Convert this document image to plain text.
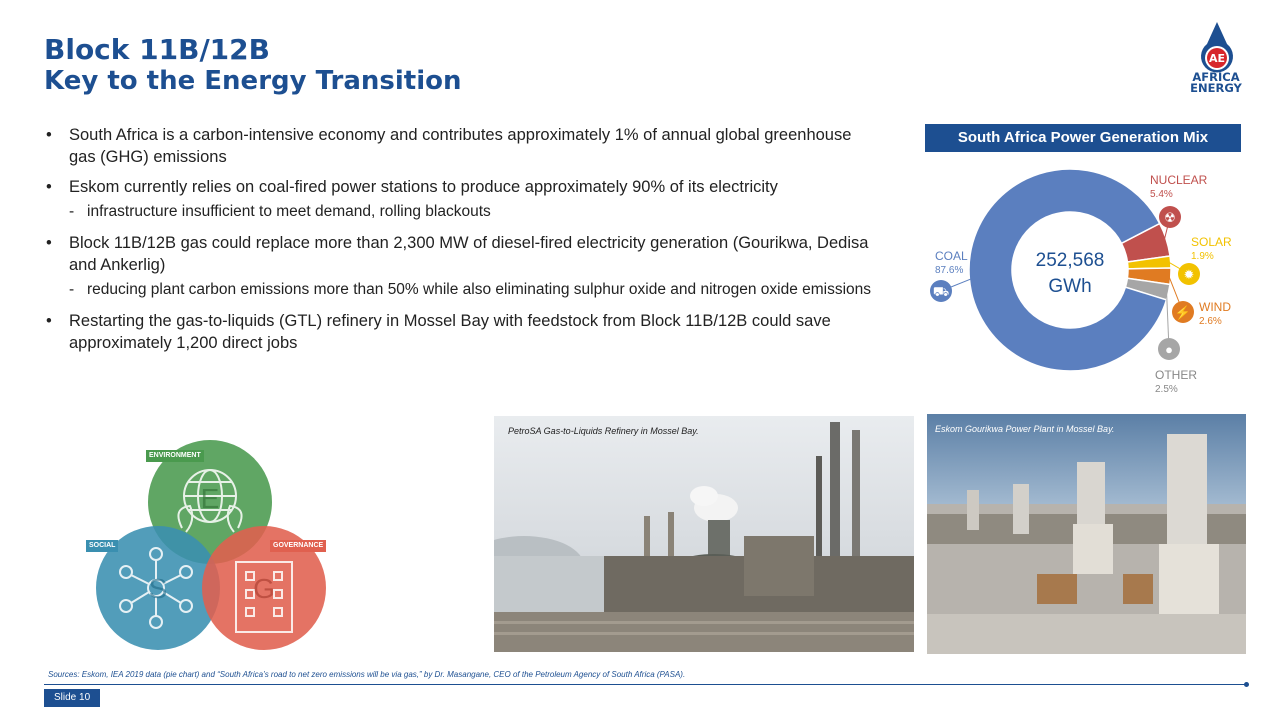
Block 11B/12B
Key to the Energy Transition
AE
AFRICA
ENERGY
• South Africa is a carbon-intensive economy and contributes approximately 1% of annual global greenhouse gas (GHG) emissions
• Eskom currently relies on coal-fired power stations to produce approximately 90% of its electricity
- infrastructure insufficient to meet demand, rolling blackouts
• Block 11B/12B gas could replace more than 2,300 MW of diesel-fired electricity generation (Gourikwa, Dedisa and Ankerlig)
- reducing plant carbon emissions more than 50% while also eliminating sulphur oxide and nitrogen oxide emissions
• Restarting the gas-to-liquids (GTL) refinery in Mossel Bay with feedstock from Block 11B/12B could save approximately 1,200 direct jobs
South Africa Power Generation Mix
252,568
GWh
⛟
COAL
87.6%
☢
NUCLEAR
5.4%
✹
SOLAR
1.9%
⚡ WIND
2.6%
●
OTHER
2.5%
E
S	G
ENVIRONMENT
SOCIAL	GOVERNANCE
PetroSA Gas-to-Liquids Refinery in Mossel Bay.	Eskom Gourikwa Power Plant in Mossel Bay.
Sources: Eskom, IEA 2019 data (pie chart) and “South Africa’s road to net zero emissions will be via gas,” by Dr. Masangane, CEO of the Petroleum Agency of South Africa (PASA).
Slide 10
